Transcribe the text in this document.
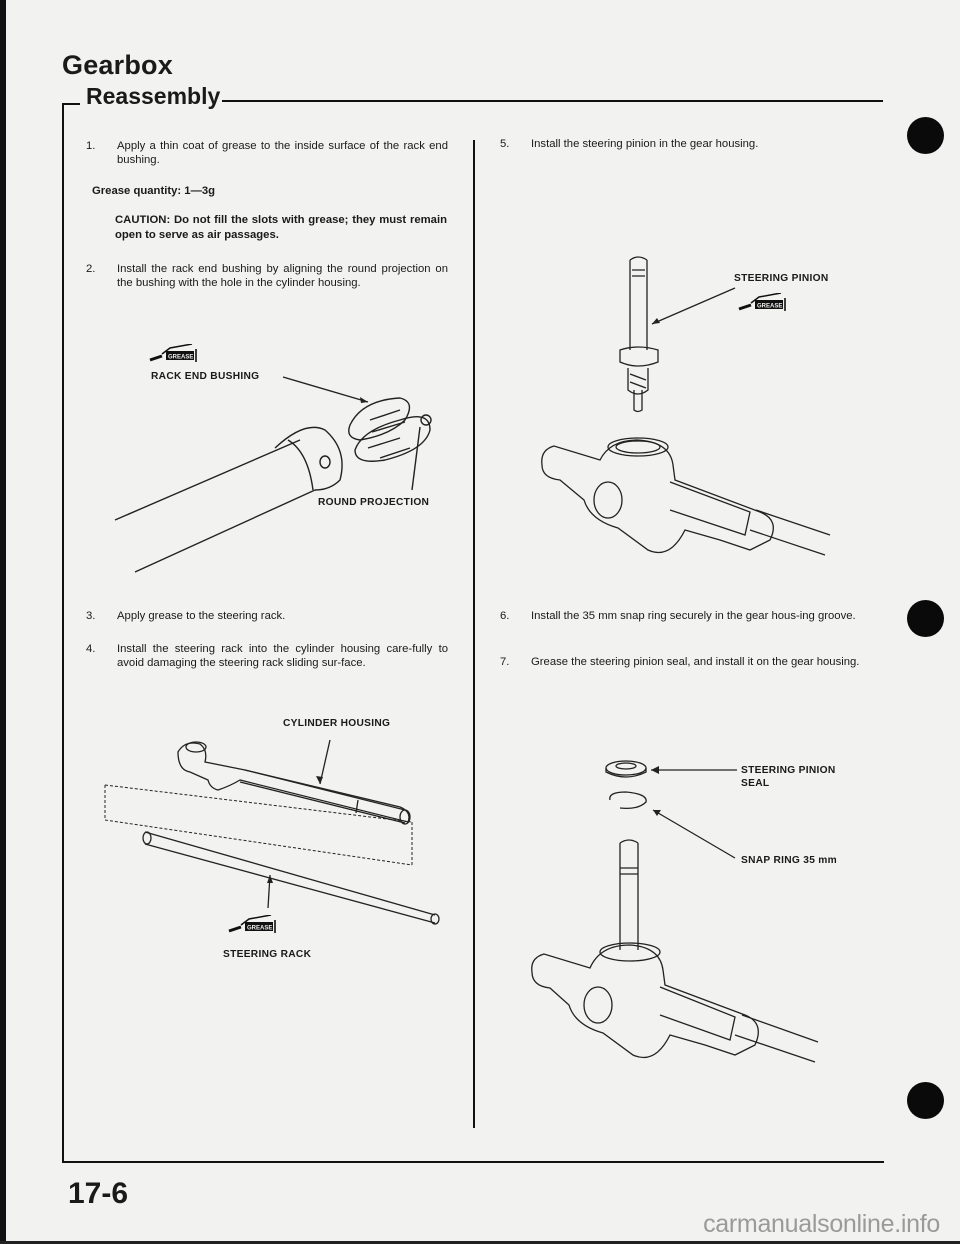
Gearbox
Reassembly
1.	Apply a thin coat of grease to the inside surface of the rack end bushing.
Grease quantity: 1—3g
CAUTION: Do not fill the slots with grease; they must remain open to serve as air passages.
2.	Install the rack end bushing by aligning the round projection on the bushing with the hole in the cylinder housing.
GREASE
RACK END BUSHING
ROUND PROJECTION
3.	Apply grease to the steering rack.
4.	Install the steering rack into the cylinder housing care-fully to avoid damaging the steering rack sliding sur-face.
GREASE
CYLINDER HOUSING
STEERING RACK
5.	Install the steering pinion in the gear housing.
GREASE
STEERING PINION
6.	Install the 35 mm snap ring securely in the gear hous-ing groove.
7.	Grease the steering pinion seal, and install it on the gear housing.
STEERING PINION
SEAL
SNAP RING 35 mm
17-6
carmanualsonline.info
